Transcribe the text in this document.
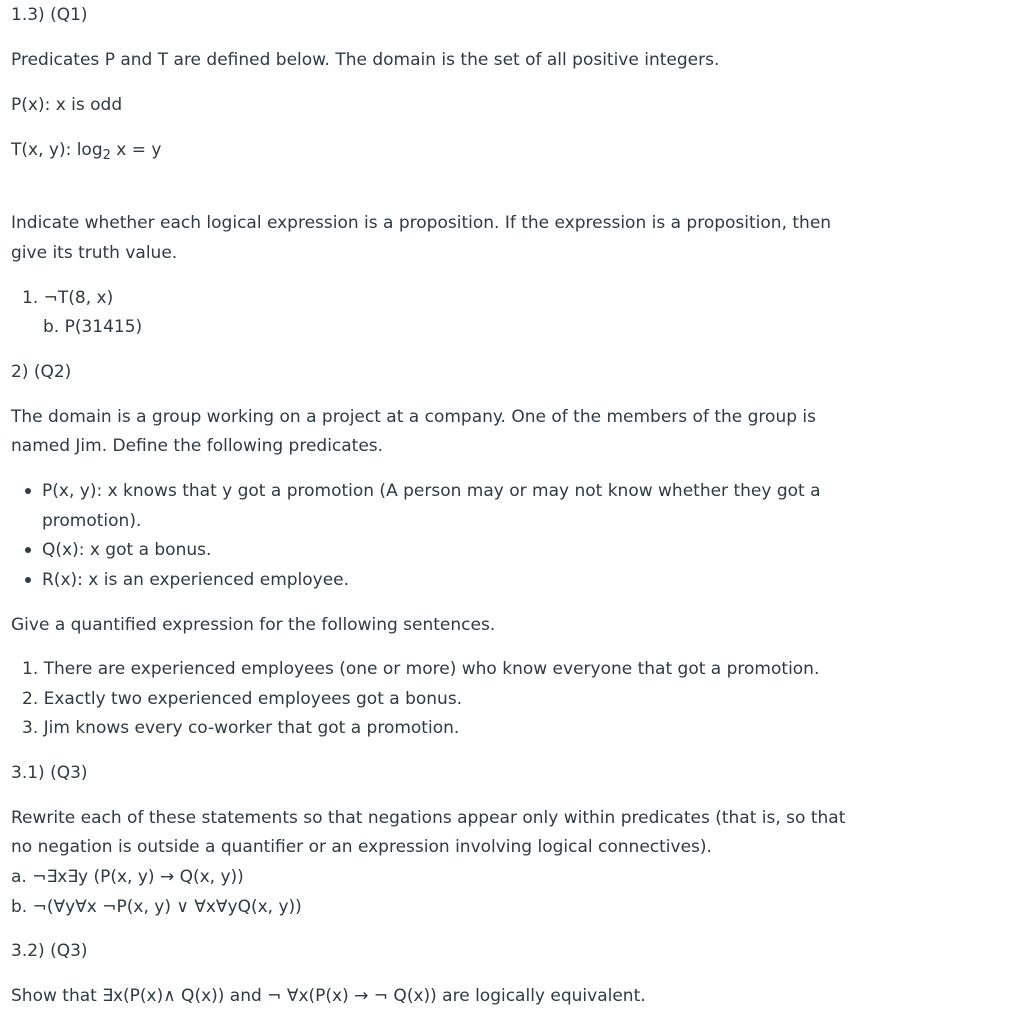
1.3) (Q1)
Predicates P and T are defined below. The domain is the set of all positive integers.
P(x): x is odd
T(x, y): $\log_2 x = y$
Indicate whether each logical expression is a proposition. If the expression is a proposition, then
give its truth value.
1. ¬T(8, x)
b. P(31415)
2) (Q2)
The domain is a group working on a project at a company. One of the members of the group is
named Jim. Define the following predicates.
P(x, y): x knows that y got a promotion (A person may or may not know whether they got a
promotion).
Q(x): x got a bonus.
R(x): x is an experienced employee.
Give a quantified expression for the following sentences.
1. There are experienced employees (one or more) who know everyone that got a promotion.
2. Exactly two experienced employees got a bonus.
3. Jim knows every co-worker that got a promotion.
3.1) (Q3)
Rewrite each of these statements so that negations appear only within predicates (that is, so that
no negation is outside a quantifier or an expression involving logical connectives).
a. ¬∃x∃y (P(x, y) → Q(x, y))
b. ¬(∀y∀x ¬P(x, y) ∨ ∀x∀yQ(x, y))
3.2) (Q3)
Show that ∃x(P(x)∧ Q(x)) and ¬ ∀x(P(x) → ¬ Q(x)) are logically equivalent.
